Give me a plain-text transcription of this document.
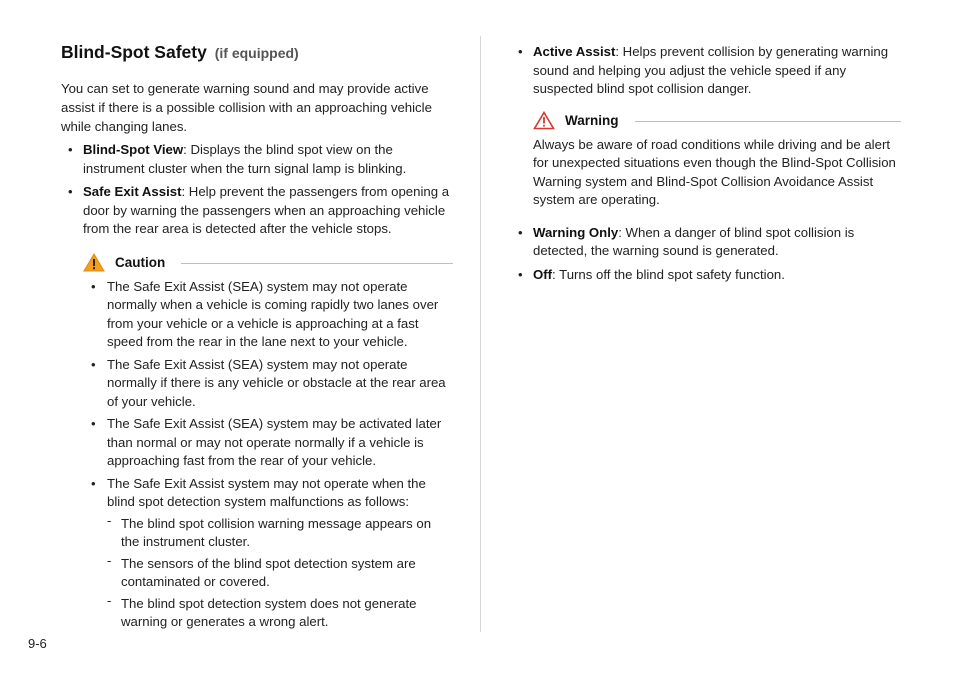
Blind-Spot Safety (if equipped)

You can set to generate warning sound and may provide active assist if there is a possible collision with an approaching vehicle while changing lanes.

• Blind-Spot View: Displays the blind spot view on the instrument cluster when the turn signal lamp is blinking.
• Safe Exit Assist: Help prevent the passengers from opening a door by warning the passengers when an approaching vehicle from the rear area is detected after the vehicle stops.
Caution
• The Safe Exit Assist (SEA) system may not operate normally when a vehicle is coming rapidly two lanes over from your vehicle or a vehicle is approaching at a fast speed from the rear in the lane next to your vehicle.
• The Safe Exit Assist (SEA) system may not operate normally if there is any vehicle or obstacle at the rear area of your vehicle.
• The Safe Exit Assist (SEA) system may be activated later than normal or may not operate normally if a vehicle is approaching fast from the rear of your vehicle.
• The Safe Exit Assist system may not operate when the blind spot detection system malfunctions as follows:
- The blind spot collision warning message appears on the instrument cluster.
- The sensors of the blind spot detection system are contaminated or covered.
- The blind spot detection system does not generate warning or generates a wrong alert.
• Active Assist: Helps prevent collision by generating warning sound and helping you adjust the vehicle speed if any suspected blind spot collision danger.
Warning

Always be aware of road conditions while driving and be alert for unexpected situations even though the Blind-Spot Collision Warning system and Blind-Spot Collision Avoidance Assist system are operating.

• Warning Only: When a danger of blind spot collision is detected, the warning sound is generated.
• Off: Turns off the blind spot safety function.
9-6
